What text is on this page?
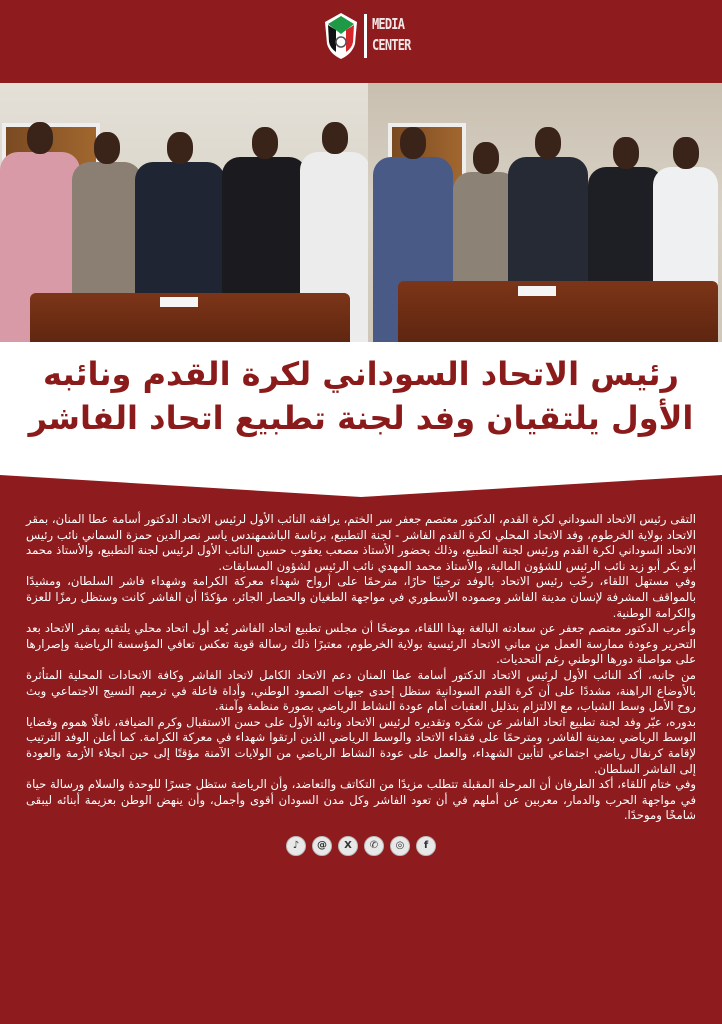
MEDIA
CENTER
رئيس الاتحاد السوداني لكرة القدم ونائبه
الأول يلتقيان وفد لجنة تطبيع اتحاد الفاشر

التقى رئيس الاتحاد السوداني لكرة القدم، الدكتور معتصم جعفر سر الختم، يرافقه النائب الأول لرئيس الاتحاد الدكتور أسامة عطا المنان، بمقر الاتحاد بولاية الخرطوم، وفد الاتحاد المحلي لكرة القدم الفاشر - لجنة التطبيع، برئاسة الباشمهندس ياسر نصرالدين حمزة السماني نائب رئيس الاتحاد السوداني لكرة القدم ورئيس لجنة التطبيع، وذلك بحضور الأستاذ مصعب يعقوب حسين النائب الأول لرئيس لجنة التطبيع، والأستاذ محمد أبو بكر أبو زيد نائب الرئيس للشؤون المالية، والأستاذ محمد المهدي نائب الرئيس لشؤون المسابقات.

وفي مستهل اللقاء، رحّب رئيس الاتحاد بالوفد ترحيبًا حارًا، مترحمًا على أرواح شهداء معركة الكرامة وشهداء فاشر السلطان، ومشيدًا بالمواقف المشرفة لإنسان مدينة الفاشر وصموده الأسطوري في مواجهة الطغيان والحصار الجائر، مؤكدًا أن الفاشر كانت وستظل رمزًا للعزة والكرامة الوطنية.

وأعرب الدكتور معتصم جعفر عن سعادته البالغة بهذا اللقاء، موضحًا أن مجلس تطبيع اتحاد الفاشر يُعد أول اتحاد محلي يلتقيه بمقر الاتحاد بعد التحرير وعودة ممارسة العمل من مباني الاتحاد الرئيسية بولاية الخرطوم، معتبرًا ذلك رسالة قوية تعكس تعافي المؤسسة الرياضية وإصرارها على مواصلة دورها الوطني رغم التحديات.

من جانبه، أكد النائب الأول لرئيس الاتحاد الدكتور أسامة عطا المنان دعم الاتحاد الكامل لاتحاد الفاشر وكافة الاتحادات المحلية المتأثرة بالأوضاع الراهنة، مشددًا على أن كرة القدم السودانية ستظل إحدى جبهات الصمود الوطني، وأداة فاعلة في ترميم النسيج الاجتماعي وبث روح الأمل وسط الشباب، مع الالتزام بتذليل العقبات أمام عودة النشاط الرياضي بصورة منظمة وآمنة.

بدوره، عبّر وفد لجنة تطبيع اتحاد الفاشر عن شكره وتقديره لرئيس الاتحاد ونائبه الأول على حسن الاستقبال وكرم الضيافة، ناقلًا هموم وقضايا الوسط الرياضي بمدينة الفاشر، ومترحمًا على فقداء الاتحاد والوسط الرياضي الذين ارتقوا شهداء في معركة الكرامة. كما أعلن الوفد الترتيب لإقامة كرنفال رياضي اجتماعي لتأبين الشهداء، والعمل على عودة النشاط الرياضي من الولايات الآمنة مؤقتًا إلى حين انجلاء الأزمة والعودة إلى الفاشر السلطان.

وفي ختام اللقاء، أكد الطرفان أن المرحلة المقبلة تتطلب مزيدًا من التكاتف والتعاضد، وأن الرياضة ستظل جسرًا للوحدة والسلام ورسالة حياة في مواجهة الحرب والدمار، معربين عن أملهم في أن تعود الفاشر وكل مدن السودان أقوى وأجمل، وأن ينهض الوطن بعزيمة أبنائه ليبقى شامخًا وموحدًا.

♪	@	X	✆	◎	f
